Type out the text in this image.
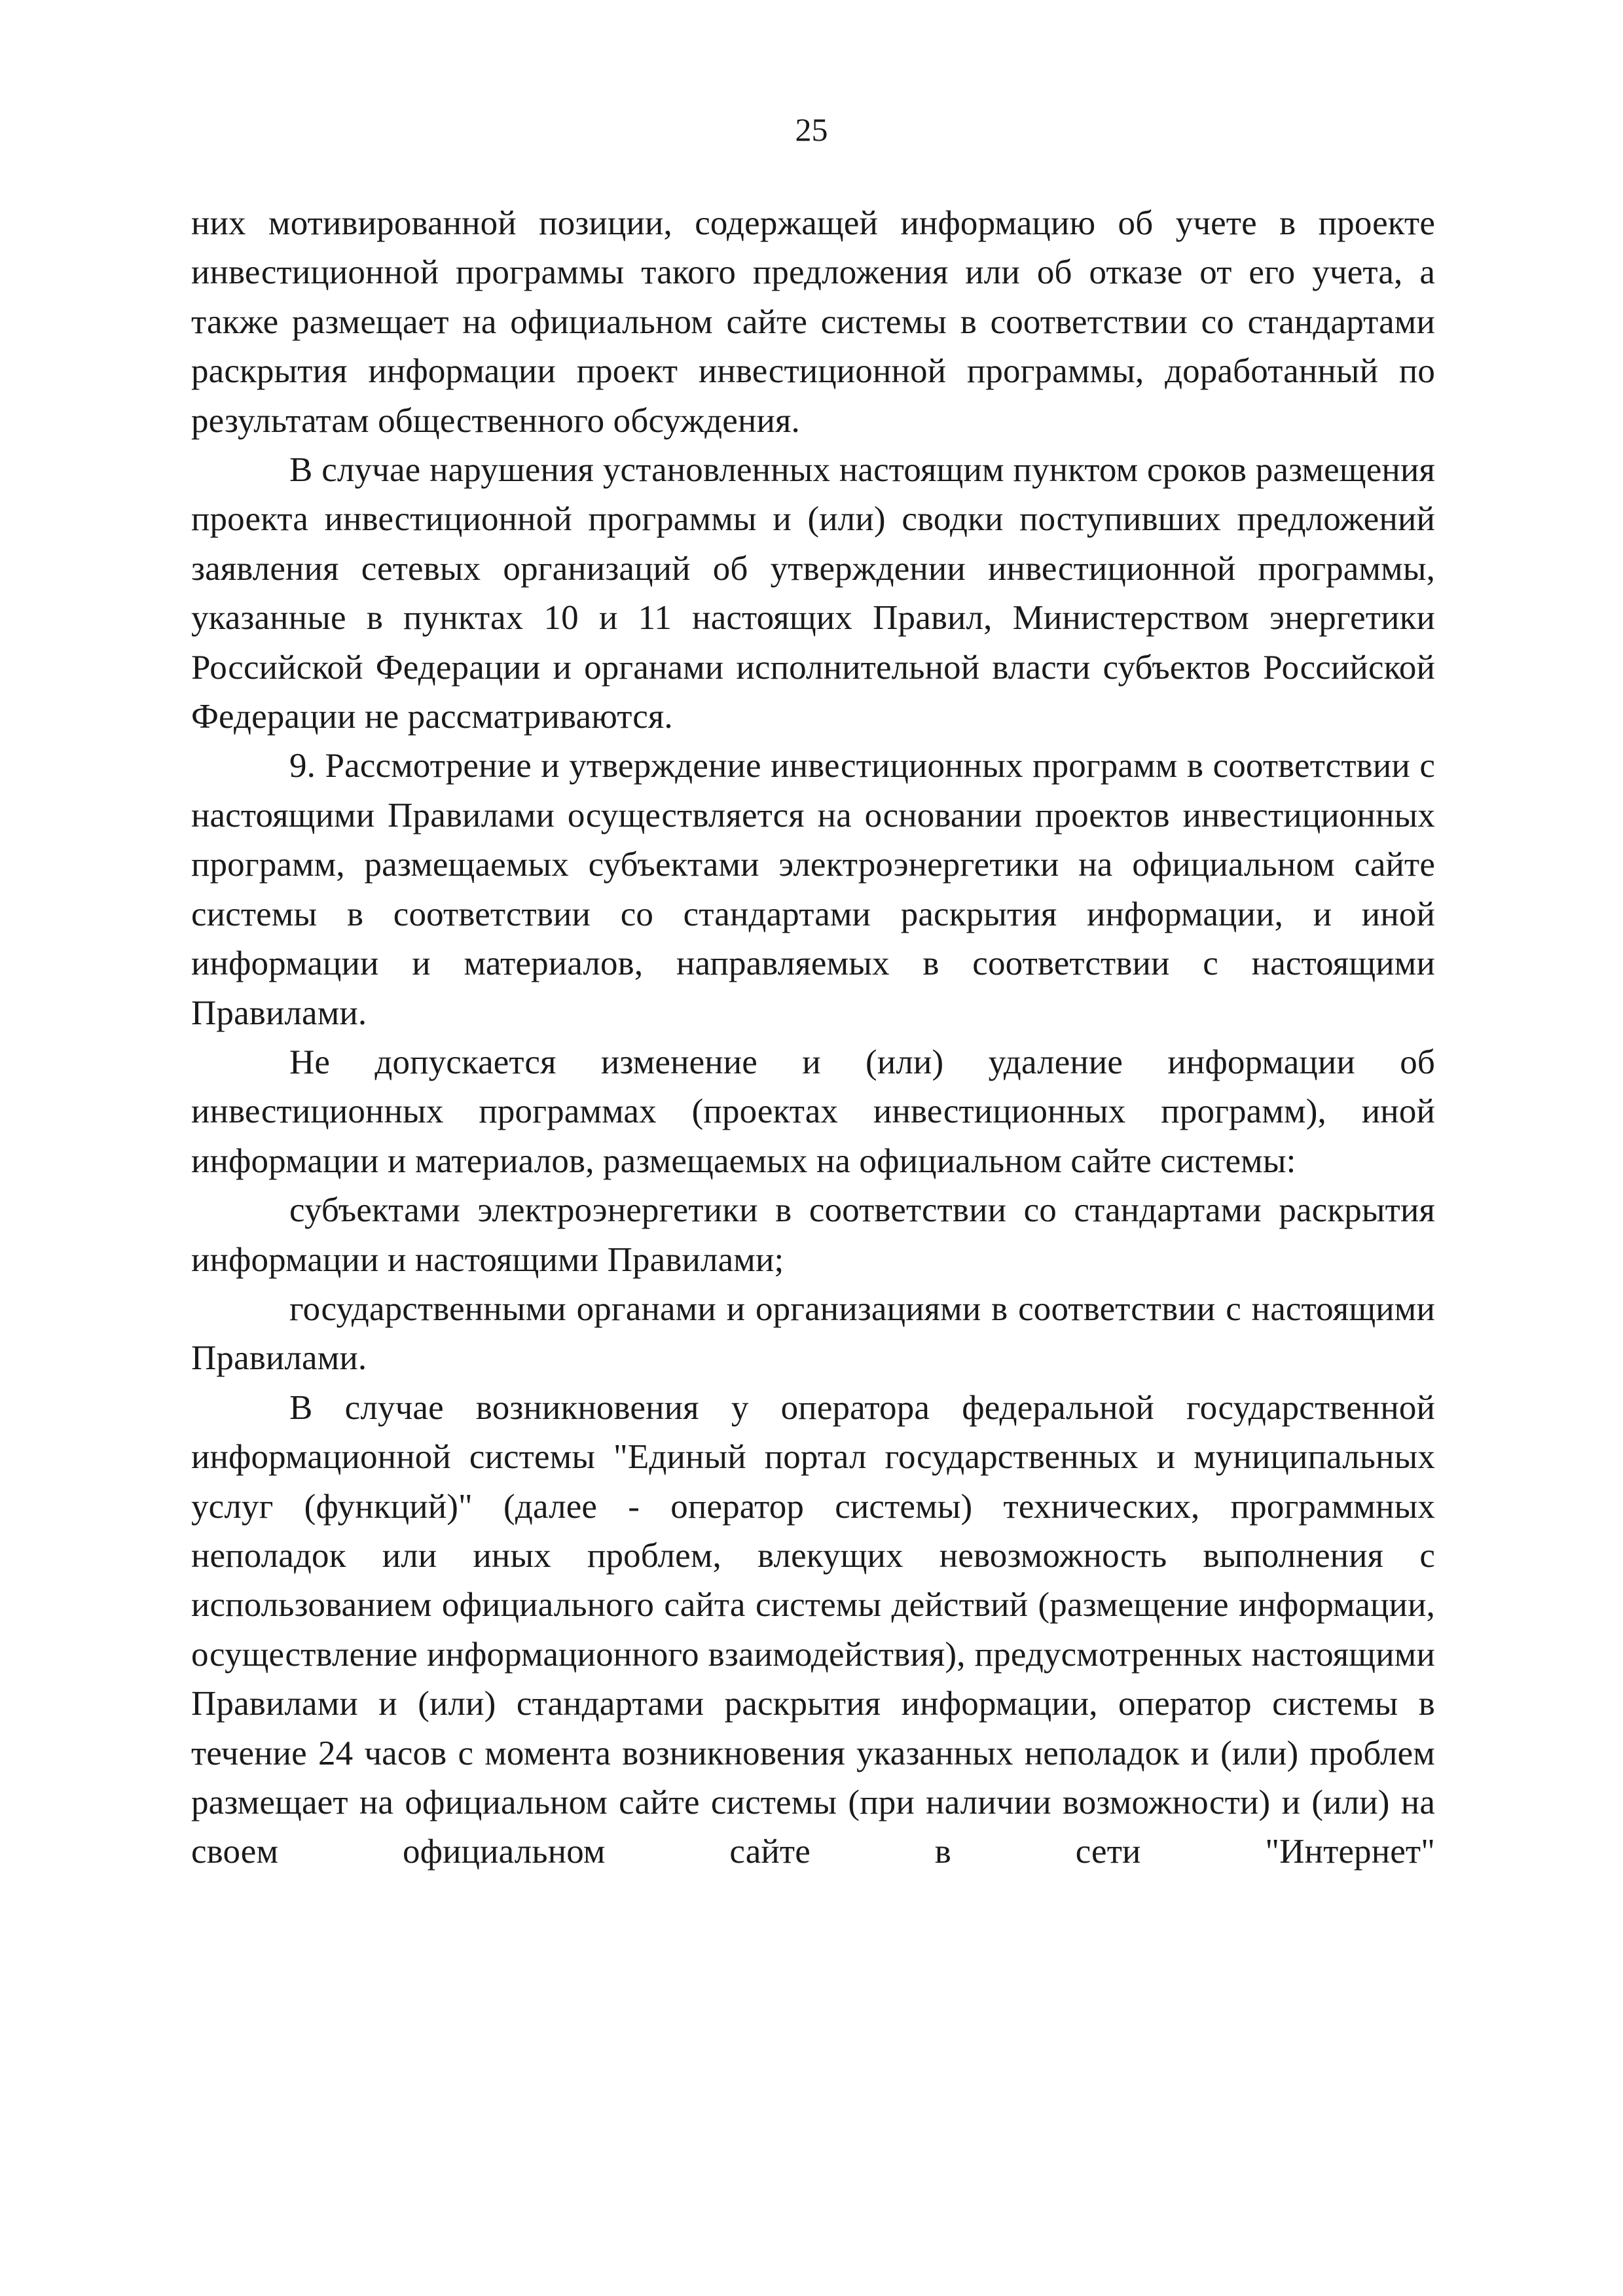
25

них мотивированной позиции, содержащей информацию об учете в проекте инвестиционной программы такого предложения или об отказе от его учета, а также размещает на официальном сайте системы в соответствии со стандартами раскрытия информации проект инвестиционной программы, доработанный по результатам общественного обсуждения.

В случае нарушения установленных настоящим пунктом сроков размещения проекта инвестиционной программы и (или) сводки поступивших предложений заявления сетевых организаций об утверждении инвестиционной программы, указанные в пунктах 10 и 11 настоящих Правил, Министерством энергетики Российской Федерации и органами исполнительной власти субъектов Российской Федерации не рассматриваются.

9. Рассмотрение и утверждение инвестиционных программ в соответствии с настоящими Правилами осуществляется на основании проектов инвестиционных программ, размещаемых субъектами электроэнергетики на официальном сайте системы в соответствии со стандартами раскрытия информации, и иной информации и материалов, направляемых в соответствии с настоящими Правилами.

Не допускается изменение и (или) удаление информации об инвестиционных программах (проектах инвестиционных программ), иной информации и материалов, размещаемых на официальном сайте системы:

субъектами электроэнергетики в соответствии со стандартами раскрытия информации и настоящими Правилами;

государственными органами и организациями в соответствии с настоящими Правилами.

В случае возникновения у оператора федеральной государственной информационной системы "Единый портал государственных и муниципальных услуг (функций)" (далее - оператор системы) технических, программных неполадок или иных проблем, влекущих невозможность выполнения с использованием официального сайта системы действий (размещение информации, осуществление информационного взаимодействия), предусмотренных настоящими Правилами и (или) стандартами раскрытия информации, оператор системы в течение 24 часов с момента возникновения указанных неполадок и (или) проблем размещает на официальном сайте системы (при наличии возможности) и (или) на своем официальном сайте в сети "Интернет"
